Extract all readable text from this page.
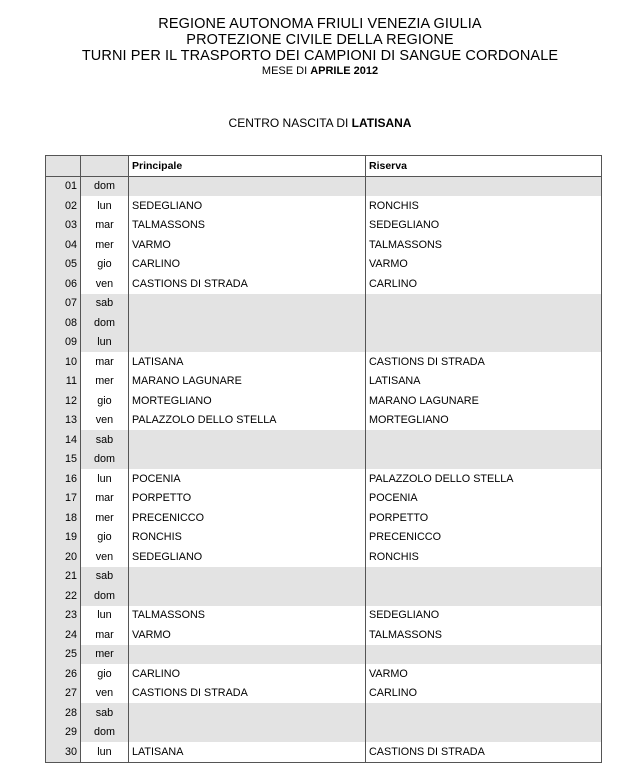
REGIONE AUTONOMA FRIULI VENEZIA GIULIA
PROTEZIONE CIVILE DELLA REGIONE
TURNI PER IL TRASPORTO DEI CAMPIONI DI SANGUE CORDONALE
MESE DI APRILE 2012
CENTRO NASCITA DI LATISANA
		Principale	Riserva
01	dom		
02	lun	SEDEGLIANO	RONCHIS
03	mar	TALMASSONS	SEDEGLIANO
04	mer	VARMO	TALMASSONS
05	gio	CARLINO	VARMO
06	ven	CASTIONS DI STRADA	CARLINO
07	sab		
08	dom		
09	lun		
10	mar	LATISANA	CASTIONS DI STRADA
11	mer	MARANO LAGUNARE	LATISANA
12	gio	MORTEGLIANO	MARANO LAGUNARE
13	ven	PALAZZOLO DELLO STELLA	MORTEGLIANO
14	sab		
15	dom		
16	lun	POCENIA	PALAZZOLO DELLO STELLA
17	mar	PORPETTO	POCENIA
18	mer	PRECENICCO	PORPETTO
19	gio	RONCHIS	PRECENICCO
20	ven	SEDEGLIANO	RONCHIS
21	sab		
22	dom		
23	lun	TALMASSONS	SEDEGLIANO
24	mar	VARMO	TALMASSONS
25	mer		
26	gio	CARLINO	VARMO
27	ven	CASTIONS DI STRADA	CARLINO
28	sab		
29	dom		
30	lun	LATISANA	CASTIONS DI STRADA
